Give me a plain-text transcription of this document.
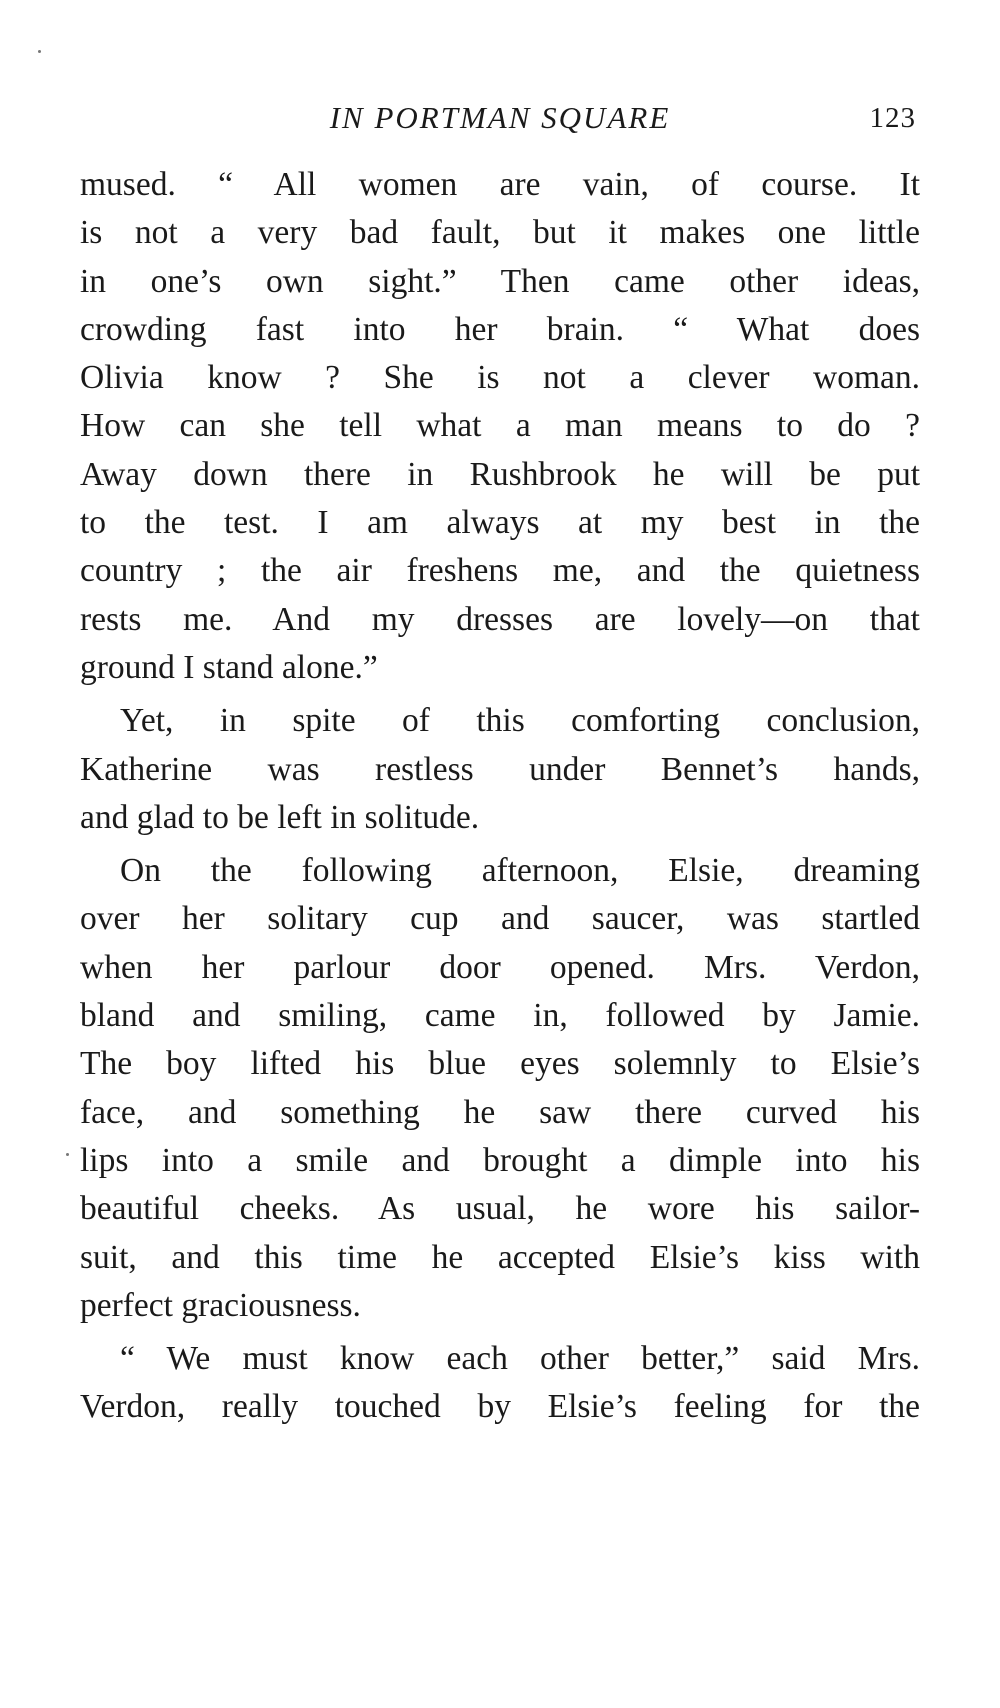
IN PORTMAN SQUARE	123
mused. “ All women are vain, of course. It
is not a very bad fault, but it makes one little
in one’s own sight.” Then came other ideas,
crowding fast into her brain. “ What does
Olivia know ? She is not a clever woman.
How can she tell what a man means to do ?
Away down there in Rushbrook he will be put
to the test. I am always at my best in the
country ; the air freshens me, and the quietness
rests me. And my dresses are lovely—on that
ground I stand alone.”
Yet, in spite of this comforting conclusion,
Katherine was restless under Bennet’s hands,
and glad to be left in solitude.
On the following afternoon, Elsie, dreaming
over her solitary cup and saucer, was startled
when her parlour door opened. Mrs. Verdon,
bland and smiling, came in, followed by Jamie.
The boy lifted his blue eyes solemnly to Elsie’s
face, and something he saw there curved his
lips into a smile and brought a dimple into his
beautiful cheeks. As usual, he wore his sailor-
suit, and this time he accepted Elsie’s kiss with
perfect graciousness.
“ We must know each other better,” said Mrs.
Verdon, really touched by Elsie’s feeling for the
